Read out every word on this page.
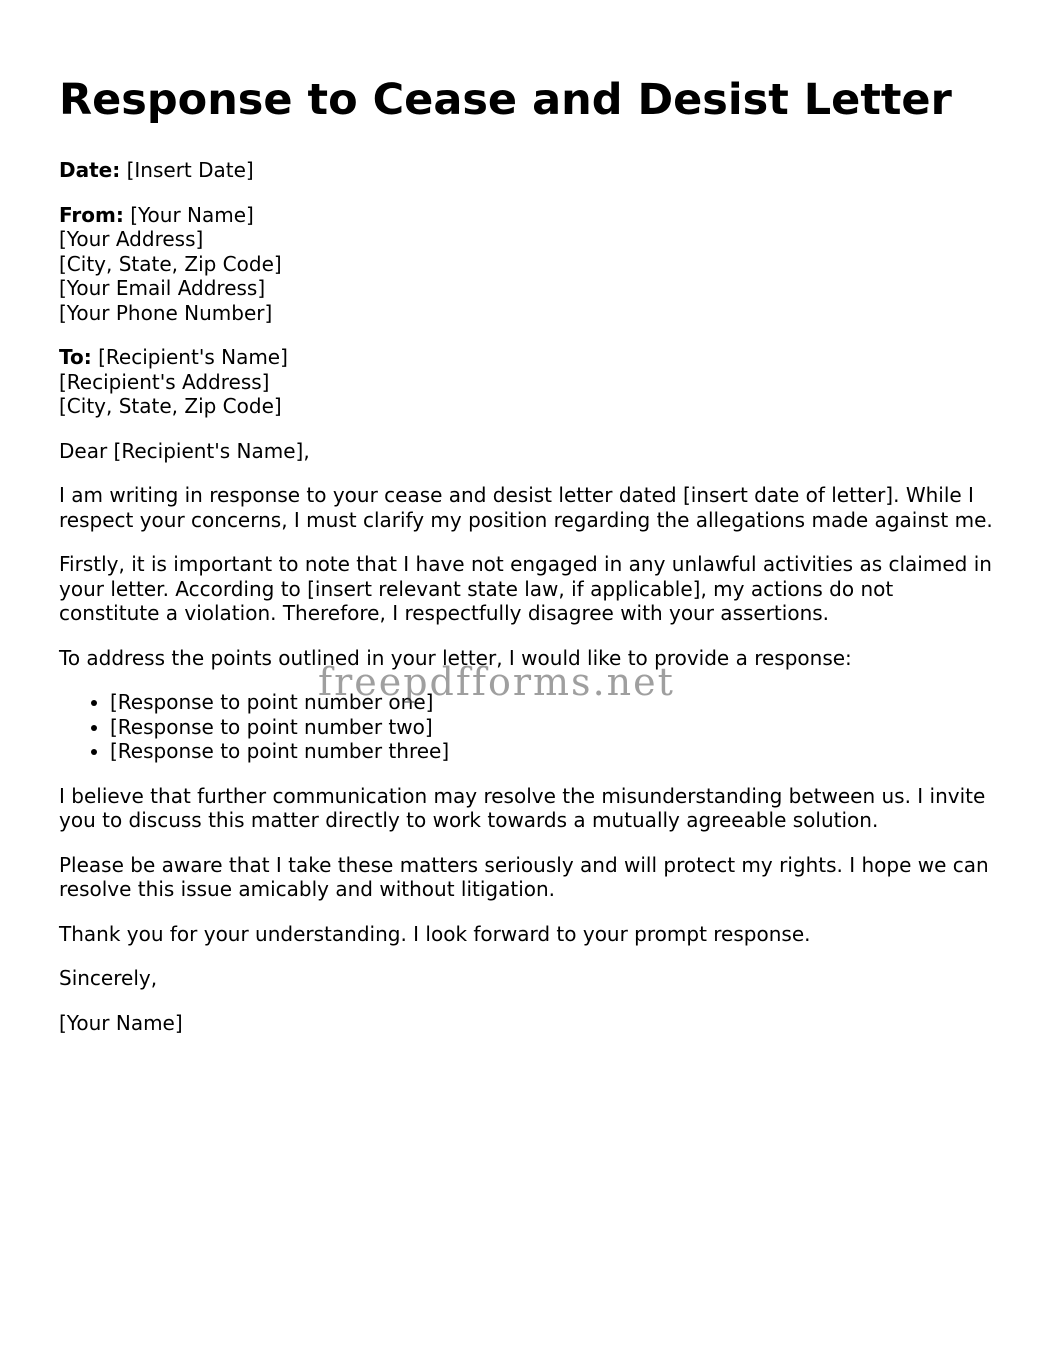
Response to Cease and Desist Letter

Date: [Insert Date]

From: [Your Name]
[Your Address]
[City, State, Zip Code]
[Your Email Address]
[Your Phone Number]

To: [Recipient's Name]
[Recipient's Address]
[City, State, Zip Code]

Dear [Recipient's Name],

I am writing in response to your cease and desist letter dated [insert date of letter]. While I respect your concerns, I must clarify my position regarding the allegations made against me.

Firstly, it is important to note that I have not engaged in any unlawful activities as claimed in your letter. According to [insert relevant state law, if applicable], my actions do not constitute a violation. Therefore, I respectfully disagree with your assertions.

To address the points outlined in your letter, I would like to provide a response:

• [Response to point number one]
• [Response to point number two]
• [Response to point number three]

I believe that further communication may resolve the misunderstanding between us. I invite you to discuss this matter directly to work towards a mutually agreeable solution.

Please be aware that I take these matters seriously and will protect my rights. I hope we can resolve this issue amicably and without litigation.

Thank you for your understanding. I look forward to your prompt response.

Sincerely,

[Your Name]

freepdfforms.net
